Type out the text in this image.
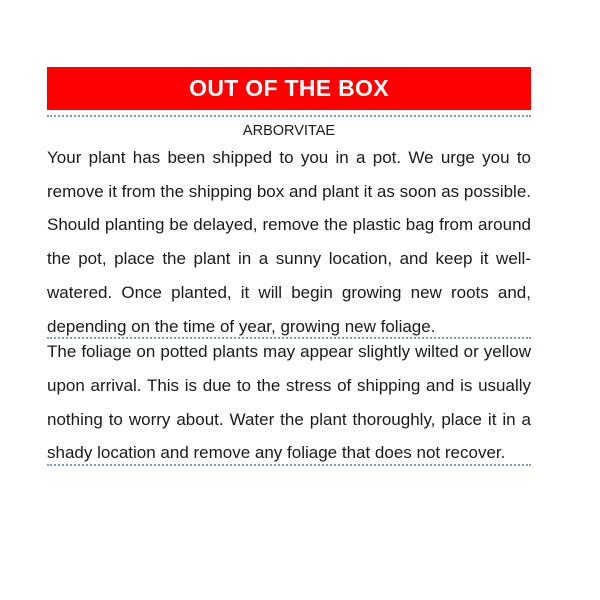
OUT OF THE BOX
ARBORVITAE

Your plant has been shipped to you in a pot. We urge you to remove it from the shipping box and plant it as soon as possible. Should planting be delayed, remove the plastic bag from around the pot, place the plant in a sunny location, and keep it well-watered. Once planted, it will begin growing new roots and, depending on the time of year, growing new foliage.

The foliage on potted plants may appear slightly wilted or yellow upon arrival. This is due to the stress of shipping and is usually nothing to worry about. Water the plant thoroughly, place it in a shady location and remove any foliage that does not recover.
